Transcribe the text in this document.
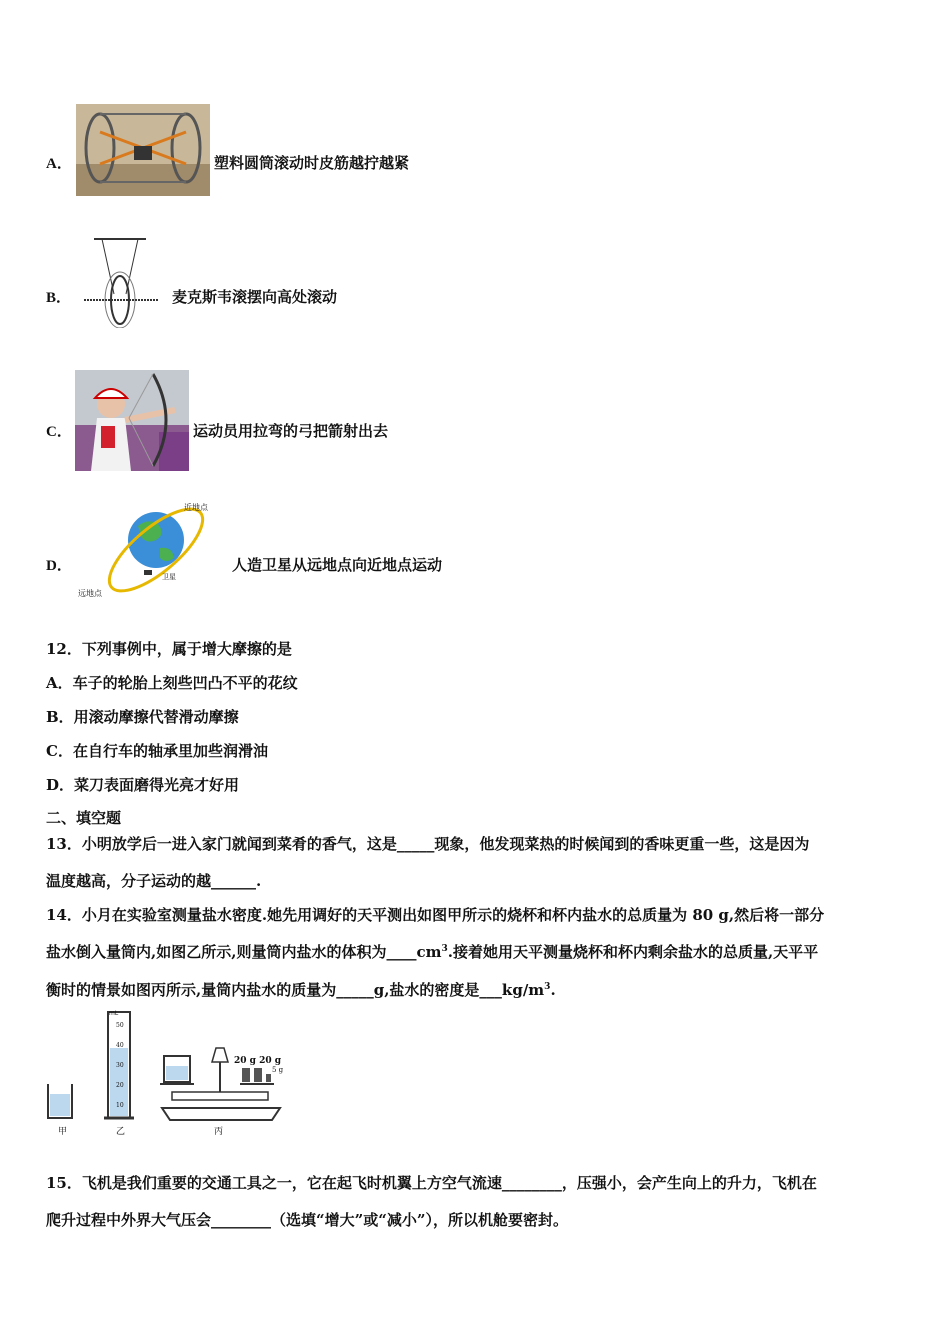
A．	塑料圆筒滚动时皮筋越拧越紧
B．	麦克斯韦滚摆向高处滚动
C．	运动员用拉弯的弓把箭射出去
D．
近地点
远地点
卫星
人造卫星从远地点向近地点运动
12．下列事例中，属于增大摩擦的是
A．车子的轮胎上刻些凹凸不平的花纹
B．用滚动摩擦代替滑动摩擦
C．在自行车的轴承里加些润滑油
D．菜刀表面磨得光亮才好用
二、填空题
13．小明放学后一进入家门就闻到菜肴的香气，这是_____现象，他发现菜热的时候闻到的香味更重一些，这是因为
温度越高，分子运动的越______.
14．小月在实验室测量盐水密度.她先用调好的天平测出如图甲所示的烧杯和杯内盐水的总质量为 80 g,然后将一部分
盐水倒入量筒内,如图乙所示,则量筒内盐水的体积为$\_\_\_\_cm^3$.接着她用天平测量烧杯和杯内剩余盐水的总质量,天平平
衡时的情景如图丙所示,量筒内盐水的质量为_____g,盐水的密度是$\_\_\_kg/m^3$.
mL
50
40
30
20
10
20 g 20 g
5 g
甲	乙	丙
15．飞机是我们重要的交通工具之一，它在起飞时机翼上方空气流速________，压强小，会产生向上的升力，飞机在
爬升过程中外界大气压会________（选填“增大”或“减小”），所以机舱要密封。
